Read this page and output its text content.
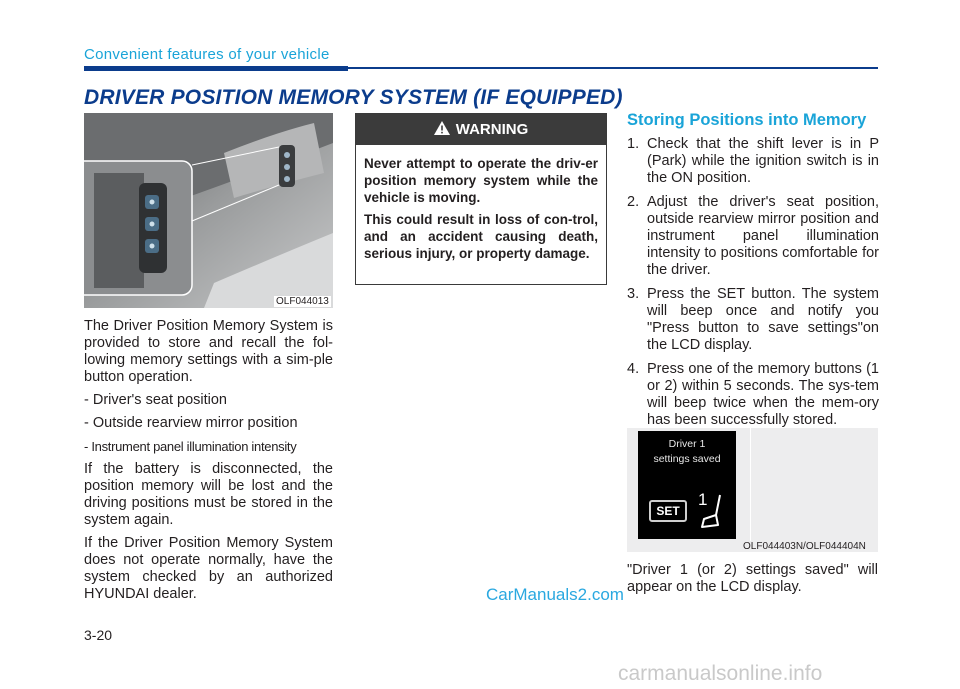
Convenient features of your vehicle
DRIVER POSITION MEMORY SYSTEM (IF EQUIPPED)
OLF044013

The Driver Position Memory System is provided to store and recall the fol-lowing memory settings with a sim-ple button operation.

- Driver's seat position

- Outside rearview mirror position

- Instrument panel illumination intensity

If the battery is disconnected, the position memory will be lost and the driving positions must be stored in the system again.

If the Driver Position Memory System does not operate normally, have the system checked by an authorized HYUNDAI dealer.

WARNING

Never attempt to operate the driv-er position memory system while the vehicle is moving.

This could result in loss of con-trol, and an accident causing death, serious injury, or property damage.

Storing Positions into Memory
1. Check that the shift lever is in P (Park) while the ignition switch is in the ON position.
2. Adjust the driver's seat position, outside rearview mirror position and instrument panel illumination intensity to positions comfortable for the driver.
3. Press the SET button. The system will beep once and notify you "Press button to save settings"on the LCD display.
4. Press one of the memory buttons (1 or 2) within 5 seconds. The sys-tem will beep twice when the mem-ory has been successfully stored.
Driver 1
settings saved
SET
1
OLF044403N/OLF044404N
"Driver 1 (or 2) settings saved" will appear on the LCD display.
3-20
CarManuals2.com
carmanualsonline.info
